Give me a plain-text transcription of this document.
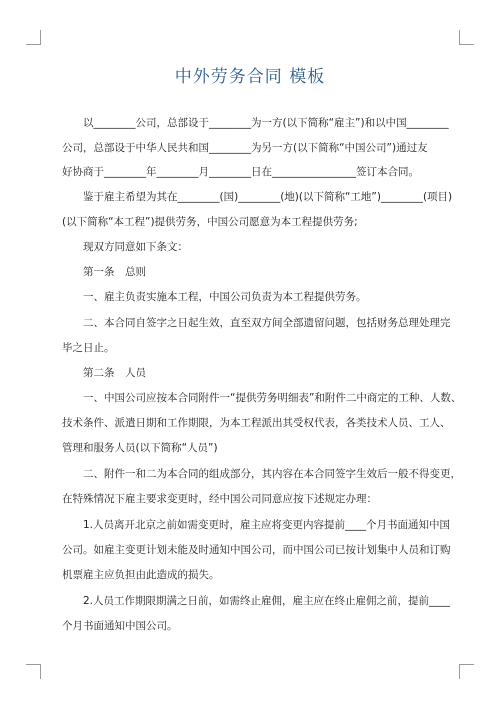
中外劳务合同 模板
以________公司，总部设于________为一方(以下简称“雇主”)和以中国________
公司，总部设于中华人民共和国________为另一方(以下简称“中国公司”)通过友
好协商于________年________月________日在________________签订本合同。
鉴于雇主希望为其在________(国)________(地)(以下简称“工地”)________(项目)
(以下简称“本工程”)提供劳务，中国公司愿意为本工程提供劳务;
现双方同意如下条文：
第一条　总则
一、雇主负责实施本工程，中国公司负责为本工程提供劳务。
二、本合同自签字之日起生效，直至双方间全部遗留问题，包括财务总理处理完
毕之日止。
第二条　人员
一、中国公司应按本合同附件一“提供劳务明细表”和附件二中商定的工种、人数、
技术条件、派遣日期和工作期限，为本工程派出其受权代表，各类技术人员、工人、
管理和服务人员(以下简称“人员”)
二、附件一和二为本合同的组成部分，其内容在本合同签字生效后一般不得变更，
在特殊情况下雇主要求变更时，经中国公司同意应按下述规定办理：
1.人员离开北京之前如需变更时，雇主应将变更内容提前____个月书面通知中国
公司。如雇主变更计划未能及时通知中国公司，而中国公司已按计划集中人员和订购
机票雇主应负担由此造成的损失。
2.人员工作期限期满之日前，如需终止雇佣，雇主应在终止雇佣之前，提前____
个月书面通知中国公司。
